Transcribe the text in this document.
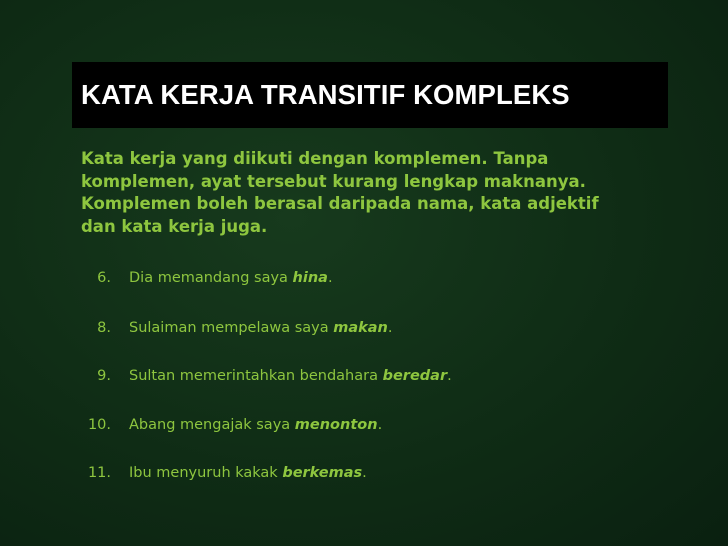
KATA KERJA TRANSITIF KOMPLEKS
Kata kerja yang diikuti dengan komplemen. Tanpa
komplemen, ayat tersebut kurang lengkap maknanya.
Komplemen boleh berasal daripada nama, kata adjektif
dan kata kerja juga.
6. Dia memandang saya hina.
8. Sulaiman mempelawa saya makan.
9. Sultan memerintahkan bendahara beredar.
10. Abang mengajak saya menonton.
11. Ibu menyuruh kakak berkemas.
